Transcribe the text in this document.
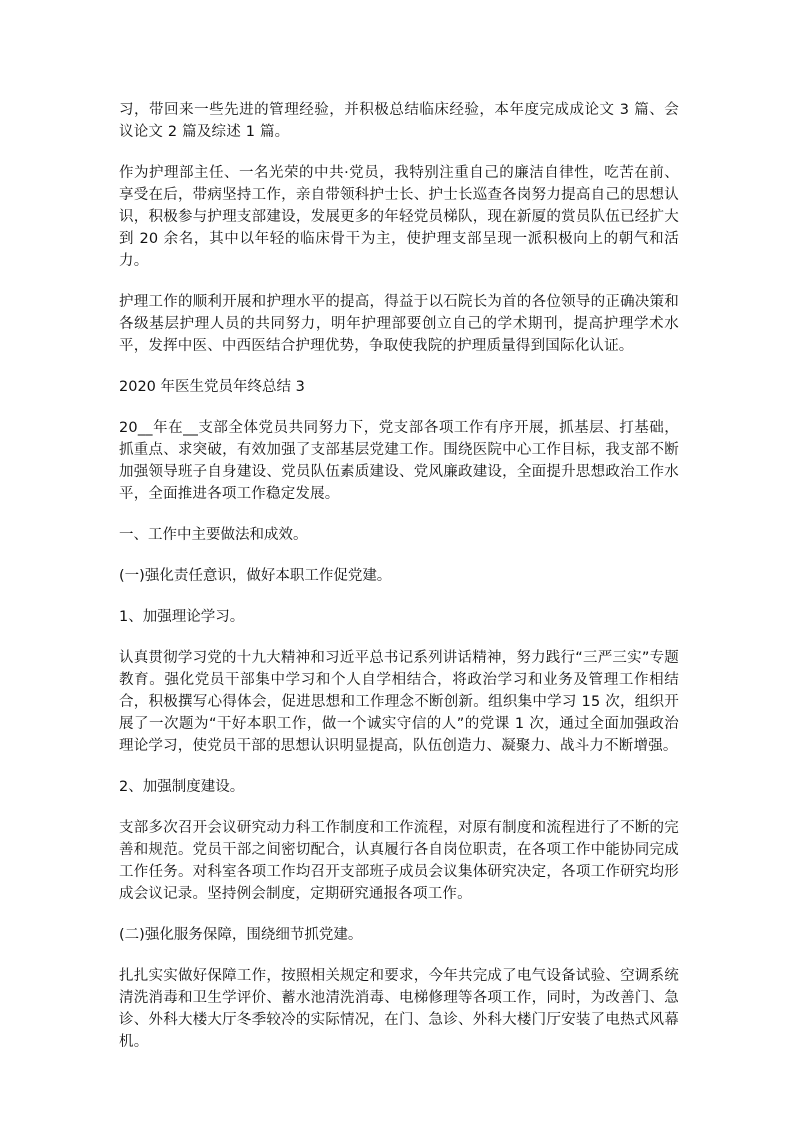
习，带回来一些先进的管理经验，并积极总结临床经验，本年度完成成论文 3 篇、会议论文 2 篇及综述 1 篇。

作为护理部主任、一名光荣的中共·党员，我特别注重自己的廉洁自律性，吃苦在前、享受在后，带病坚持工作，亲自带领科护士长、护士长巡查各岗努力提高自己的思想认识，积极参与护理支部建设，发展更多的年轻党员梯队，现在新厦的赏员队伍已经扩大到 20 余名，其中以年轻的临床骨干为主，使护理支部呈现一派积极向上的朝气和活力。

护理工作的顺利开展和护理水平的提高，得益于以石院长为首的各位领导的正确决策和各级基层护理人员的共同努力，明年护理部要创立自己的学术期刊，提高护理学术水平，发挥中医、中西医结合护理优势，争取使我院的护理质量得到国际化认证。

2020 年医生党员年终总结 3

20__年在__支部全体党员共同努力下，党支部各项工作有序开展，抓基层、打基础，抓重点、求突破，有效加强了支部基层党建工作。围绕医院中心工作目标，我支部不断加强领导班子自身建设、党员队伍素质建设、党风廉政建设，全面提升思想政治工作水平，全面推进各项工作稳定发展。

一、工作中主要做法和成效。

(一)强化责任意识，做好本职工作促党建。

1、加强理论学习。

认真贯彻学习党的十九大精神和习近平总书记系列讲话精神，努力践行“三严三实”专题教育。强化党员干部集中学习和个人自学相结合，将政治学习和业务及管理工作相结合，积极撰写心得体会，促进思想和工作理念不断创新。组织集中学习 15 次，组织开展了一次题为“干好本职工作，做一个诚实守信的人”的党课 1 次，通过全面加强政治理论学习，使党员干部的思想认识明显提高，队伍创造力、凝聚力、战斗力不断增强。

2、加强制度建设。

支部多次召开会议研究动力科工作制度和工作流程，对原有制度和流程进行了不断的完善和规范。党员干部之间密切配合，认真履行各自岗位职责，在各项工作中能协同完成工作任务。对科室各项工作均召开支部班子成员会议集体研究决定，各项工作研究均形成会议记录。坚持例会制度，定期研究通报各项工作。

(二)强化服务保障，围绕细节抓党建。

扎扎实实做好保障工作，按照相关规定和要求，今年共完成了电气设备试验、空调系统清洗消毒和卫生学评价、蓄水池清洗消毒、电梯修理等各项工作，同时，为改善门、急诊、外科大楼大厅冬季较冷的实际情况，在门、急诊、外科大楼门厅安装了电热式风幕机。
